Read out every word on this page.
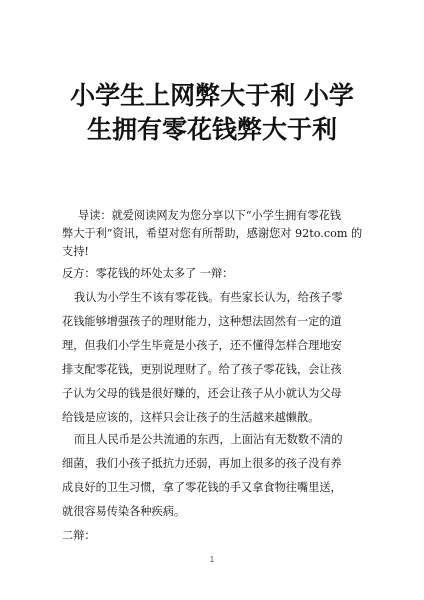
小学生上网弊大于利 小学
生拥有零花钱弊大于利
导读：就爱阅读网友为您分享以下“小学生拥有零花钱
弊大于利”资讯，希望对您有所帮助，感谢您对 92to.com 的
支持!
反方：零花钱的坏处太多了 一辩：
我认为小学生不该有零花钱。有些家长认为，给孩子零
花钱能够增强孩子的理财能力，这种想法固然有一定的道
理，但我们小学生毕竟是小孩子，还不懂得怎样合理地安
排支配零花钱，更别说理财了。给了孩子零花钱，会让孩
子认为父母的钱是很好赚的，还会让孩子从小就认为父母
给钱是应该的，这样只会让孩子的生活越来越懒散。
而且人民币是公共流通的东西，上面沾有无数数不清的
细菌，我们小孩子抵抗力还弱，再加上很多的孩子没有养
成良好的卫生习惯，拿了零花钱的手又拿食物往嘴里送，
就很容易传染各种疾病。
二辩：
1
